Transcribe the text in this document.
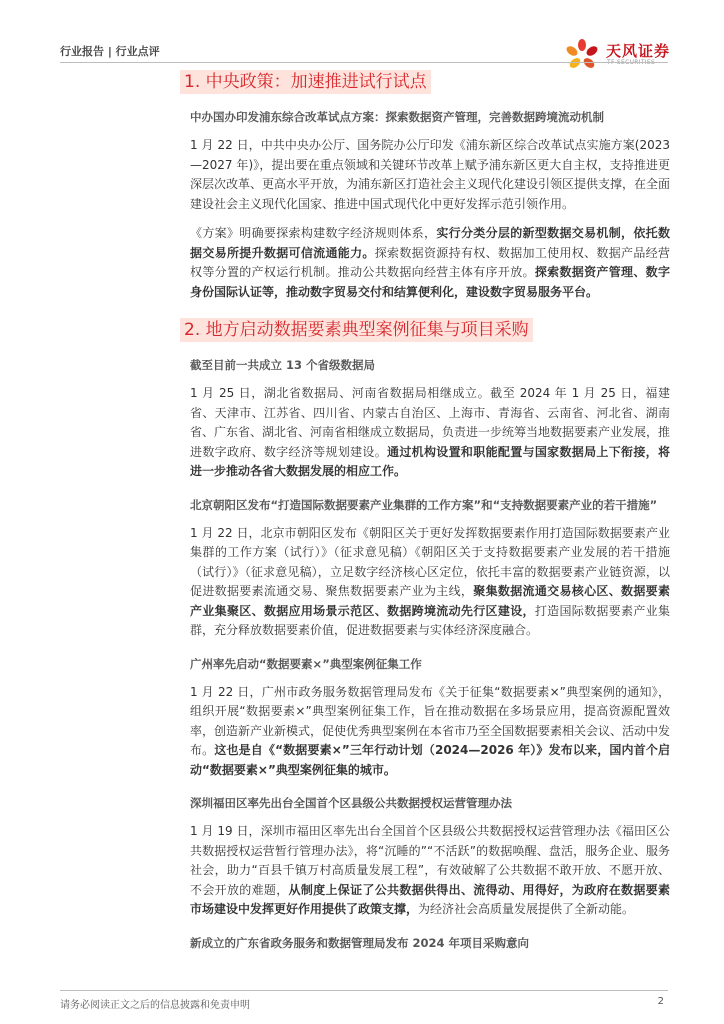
行业报告 | 行业点评	天风证券
1. 中央政策：加速推进试行试点
中办国办印发浦东综合改革试点方案：探索数据资产管理，完善数据跨境流动机制
1 月 22 日，中共中央办公厅、国务院办公厅印发《浦东新区综合改革试点实施方案(2023—2027 年)》，提出要在重点领域和关键环节改革上赋予浦东新区更大自主权，支持推进更深层次改革、更高水平开放，为浦东新区打造社会主义现代化建设引领区提供支撑，在全面建设社会主义现代化国家、推进中国式现代化中更好发挥示范引领作用。
《方案》明确要探索构建数字经济规则体系，实行分类分层的新型数据交易机制，依托数据交易所提升数据可信流通能力。探索数据资源持有权、数据加工使用权、数据产品经营权等分置的产权运行机制。推动公共数据向经营主体有序开放。探索数据资产管理、数字身份国际认证等，推动数字贸易交付和结算便利化，建设数字贸易服务平台。
2. 地方启动数据要素典型案例征集与项目采购
截至目前一共成立 13 个省级数据局
1 月 25 日，湖北省数据局、河南省数据局相继成立。截至 2024 年 1 月 25 日，福建省、天津市、江苏省、四川省、内蒙古自治区、上海市、青海省、云南省、河北省、湖南省、广东省、湖北省、河南省相继成立数据局，负责进一步统筹当地数据要素产业发展，推进数字政府、数字经济等规划建设。通过机构设置和职能配置与国家数据局上下衔接，将进一步推动各省大数据发展的相应工作。
北京朝阳区发布“打造国际数据要素产业集群的工作方案”和“支持数据要素产业的若干措施”
1 月 22 日，北京市朝阳区发布《朝阳区关于更好发挥数据要素作用打造国际数据要素产业集群的工作方案（试行）》（征求意见稿）《朝阳区关于支持数据要素产业发展的若干措施（试行）》（征求意见稿），立足数字经济核心区定位，依托丰富的数据要素产业链资源，以促进数据要素流通交易、聚焦数据要素产业为主线，聚集数据流通交易核心区、数据要素产业集聚区、数据应用场景示范区、数据跨境流动先行区建设，打造国际数据要素产业集群，充分释放数据要素价值，促进数据要素与实体经济深度融合。
广州率先启动“数据要素×”典型案例征集工作
1 月 22 日，广州市政务服务数据管理局发布《关于征集“数据要素×”典型案例的通知》，组织开展“数据要素×”典型案例征集工作，旨在推动数据在多场景应用，提高资源配置效率，创造新产业新模式，促使优秀典型案例在本省市乃至全国数据要素相关会议、活动中发布。这也是自《“数据要素×”三年行动计划（2024—2026 年）》发布以来，国内首个启动“数据要素×”典型案例征集的城市。
深圳福田区率先出台全国首个区县级公共数据授权运营管理办法
1 月 19 日，深圳市福田区率先出台全国首个区县级公共数据授权运营管理办法《福田区公共数据授权运营暂行管理办法》，将“沉睡的”“不活跃”的数据唤醒、盘活，服务企业、服务社会，助力“百县千镇万村高质量发展工程”，有效破解了公共数据不敢开放、不愿开放、不会开放的难题，从制度上保证了公共数据供得出、流得动、用得好，为政府在数据要素市场建设中发挥更好作用提供了政策支撑，为经济社会高质量发展提供了全新动能。
新成立的广东省政务服务和数据管理局发布 2024 年项目采购意向
请务必阅读正文之后的信息披露和免责申明	2
